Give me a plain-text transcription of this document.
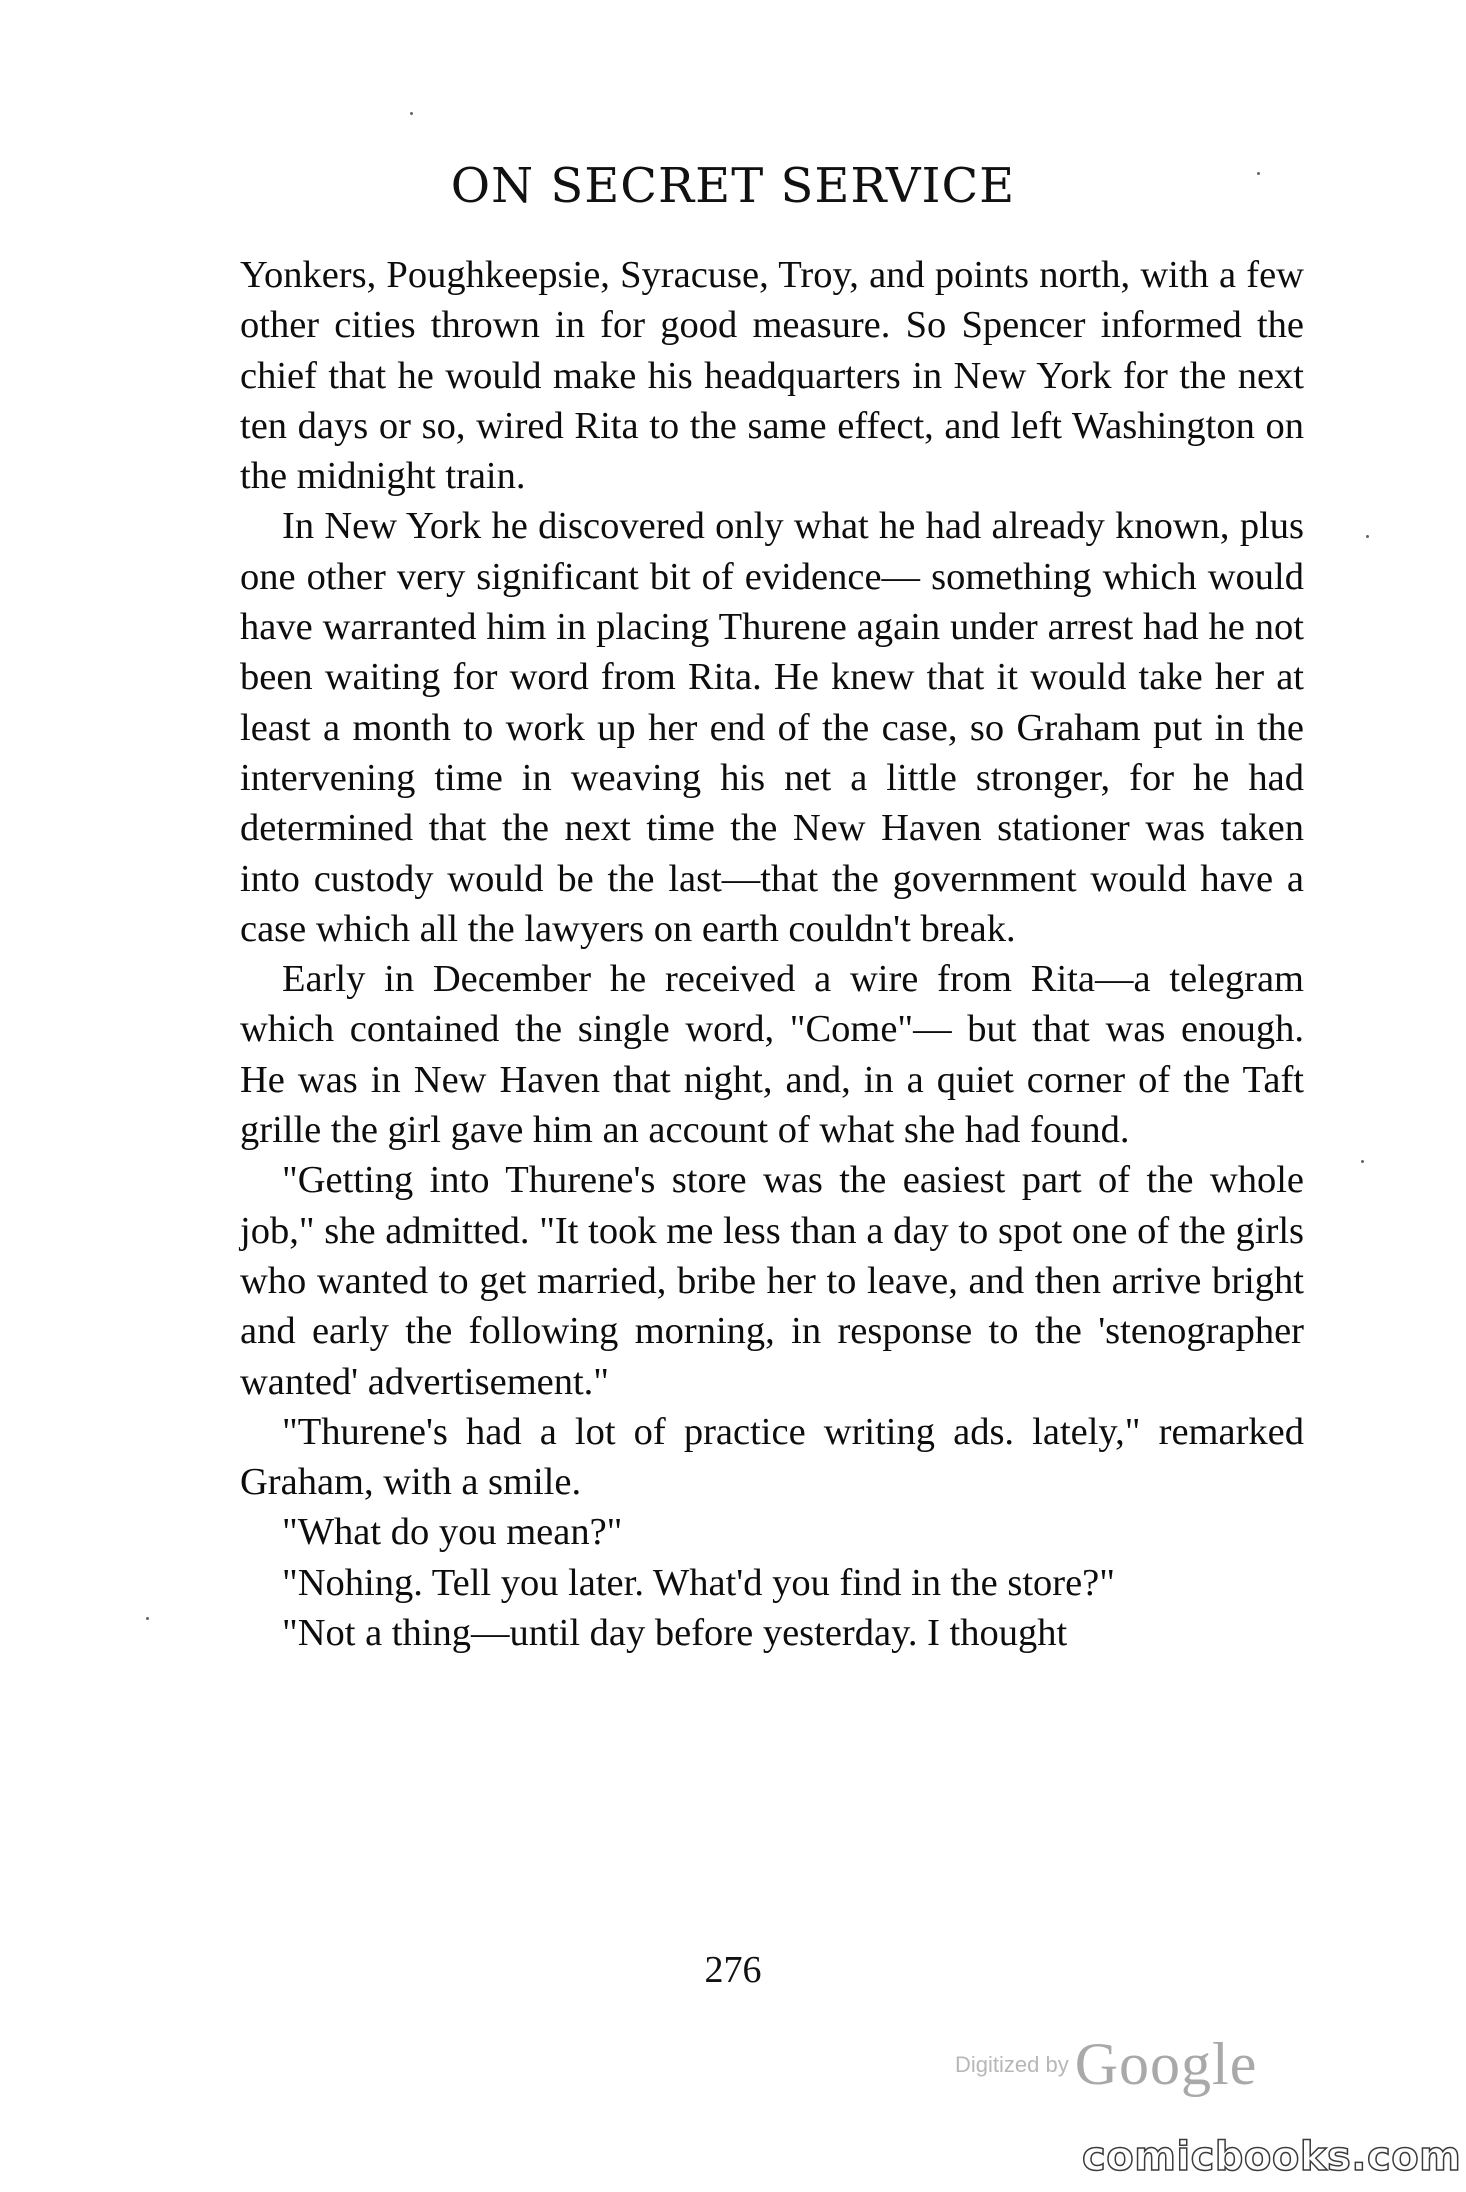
ON SECRET SERVICE

Yonkers, Poughkeepsie, Syracuse, Troy, and points north, with a few other cities thrown in for good measure. So Spencer informed the chief that he would make his headquarters in New York for the next ten days or so, wired Rita to the same effect, and left Washington on the midnight train.

In New York he discovered only what he had already known, plus one other very significant bit of evidence— something which would have warranted him in placing Thurene again under arrest had he not been waiting for word from Rita. He knew that it would take her at least a month to work up her end of the case, so Graham put in the intervening time in weaving his net a little stronger, for he had determined that the next time the New Haven stationer was taken into custody would be the last—that the government would have a case which all the lawyers on earth couldn't break.

Early in December he received a wire from Rita—a telegram which contained the single word, "Come"— but that was enough. He was in New Haven that night, and, in a quiet corner of the Taft grille the girl gave him an account of what she had found.

"Getting into Thurene's store was the easiest part of the whole job," she admitted. "It took me less than a day to spot one of the girls who wanted to get married, bribe her to leave, and then arrive bright and early the following morning, in response to the 'stenographer wanted' advertisement."

"Thurene's had a lot of practice writing ads. lately," remarked Graham, with a smile.

"What do you mean?"

"Nohing. Tell you later. What'd you find in the store?"

"Not a thing—until day before yesterday. I thought

276
Digitized by Google
comicbooks.com
